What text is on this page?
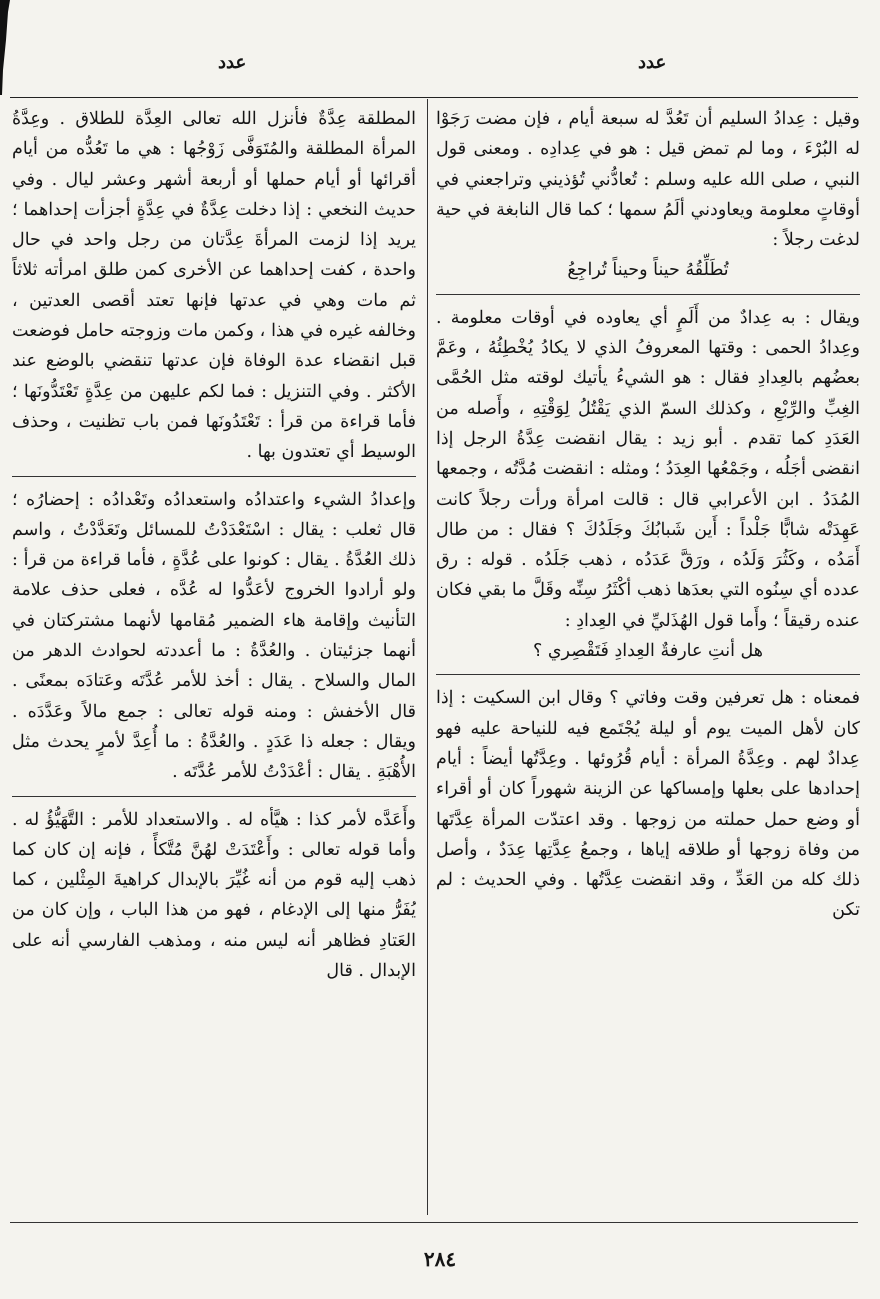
عدد	عدد

وقيل : عِدادُ السليم أن تَعُدَّ له سبعة أيام ، فإن مضت رَجَوْا له البُرْءَ ، وما لم تمض قيل : هو في عِدادِه . ومعنى قول النبي ، صلى الله عليه وسلم : تُعادُّني تُؤذيني وتراجعني في أوقاتٍ معلومة ويعاودني ألَمُ سمها ؛ كما قال النابغة في حية لدغت رجلاً :

تُطَلِّقُهُ حيناً وحيناً تُراجِعُ

ويقال : به عِدادٌ من أَلَمٍ أي يعاوده في أوقات معلومة . وعِدادُ الحمى : وقتها المعروفُ الذي لا يكادُ يُخْطِئُهُ ، وعَمَّ بعضُهم بالعِدادِ فقال : هو الشيءُ يأتيك لوقته مثل الحُمَّى الغِبِّ والرِّبْعِ ، وكذلك السمّ الذي يَقْتُلُ لِوَقْتِهِ ، وأَصله من العَدَدِ كما تقدم . أبو زيد : يقال انقضت عِدَّةُ الرجل إذا انقضى أجَلُه ، وجَمْعُها العِدَدُ ؛ ومثله : انقضت مُدَّتُه ، وجمعها المُدَدُ . ابن الأعرابي قال : قالت امرأة ورأت رجلاً كانت عَهِدَتْه شابًّا جَلْداً : أَين شَبابُكَ وجَلَدُكَ ؟ فقال : من طال أَمَدُه ، وكَثُرَ وَلَدُه ، ورَقَّ عَدَدُه ، ذهب جَلَدُه . قوله : رق عدده أي سِنُوه التي بعدَها ذهب أكْثَرُ سِنِّه وقَلَّ ما بقي فكان عنده رقيقاً ؛ وأَما قول الهُذَليِّ في العِدادِ :

هل أنتِ عارفةٌ العِدادِ فَتَقْصِري ؟

فمعناه : هل تعرفين وقت وفاتي ؟ وقال ابن السكيت : إذا كان لأهل الميت يوم أو ليلة يُجْتَمع فيه للنياحة عليه فهو عِدادٌ لهم . وعِدَّةُ المرأة : أيام قُرُوئها . وعِدَّتُها أيضاً : أيام إحدادها على بعلها وإمساكها عن الزينة شهوراً كان أو أقراء أو وضع حمل حملته من زوجها . وقد اعتدّت المرأة عِدَّتَها من وفاة زوجها أو طلاقه إياها ، وجمعُ عِدَّتِها عِدَدٌ ، وأصل ذلك كله من العَدِّ ، وقد انقضت عِدَّتُها . وفي الحديث : لم تكن

المطلقة عِدَّةٌ فأنزل الله تعالى العِدَّة للطلاق . وعِدَّةُ المرأة المطلقة والمُتَوَفَّى زَوْجُها : هي ما تَعُدُّه من أيام أقرائها أو أيام حملها أو أربعة أشهر وعشر ليال . وفي حديث النخعي : إذا دخلت عِدَّةٌ في عِدَّةٍ أجزأت إحداهما ؛ يريد إذا لزمت المرأةَ عِدَّتان من رجل واحد في حال واحدة ، كفت إحداهما عن الأخرى كمن طلق امرأته ثلاثاً ثم مات وهي في عدتها فإنها تعتد أقصى العدتين ، وخالفه غيره في هذا ، وكمن مات وزوجته حامل فوضعت قبل انقضاء عدة الوفاة فإن عدتها تنقضي بالوضع عند الأكثر . وفي التنزيل : فما لكم عليهن من عِدَّةٍ تَعْتَدُّونَها ؛ فأما قراءة من قرأ : تَعْتَدُونَها فمن باب تظنيت ، وحذف الوسيط أي تعتدون بها .

وإعدادُ الشيء واعتدادُه واستعدادُه وتَعْدادُه : إحضارُه ؛ قال ثعلب : يقال : اسْتَعْدَدْتُ للمسائل وتَعَدَّدْتُ ، واسم ذلك العُدَّةُ . يقال : كونوا على عُدَّةٍ ، فأما قراءة من قرأ : ولو أرادوا الخروج لأعَدُّوا له عُدَّه ، فعلى حذف علامة التأنيث وإقامة هاء الضمير مُقامها لأنهما مشتركتان في أنهما جزئيتان . والعُدَّةُ : ما أعددته لحوادث الدهر من المال والسلاح . يقال : أخذ للأمر عُدَّتَه وعَتادَه بمعنًى . قال الأخفش : ومنه قوله تعالى : جمع مالاً وعَدَّدَه . ويقال : جعله ذا عَدَدٍ . والعُدَّةُ : ما أُعِدَّ لأمرٍ يحدث مثل الأُهْبَةِ . يقال : أعْدَدْتُ للأمر عُدَّتَه .

وأَعَدَّه لأمر كذا : هيَّأه له . والاستعداد للأمر : التَّهَيُّؤُ له . وأما قوله تعالى : وأَعْتَدَتْ لهُنَّ مُتَّكأً ، فإنه إن كان كما ذهب إليه قوم من أنه غُيِّرَ بالإبدال كراهيةَ المِثْلين ، كما يُفَرُّ منها إلى الإدغام ، فهو من هذا الباب ، وإن كان من العَتادِ فظاهر أنه ليس منه ، ومذهب الفارسي أنه على الإبدال . قال

٢٨٤
